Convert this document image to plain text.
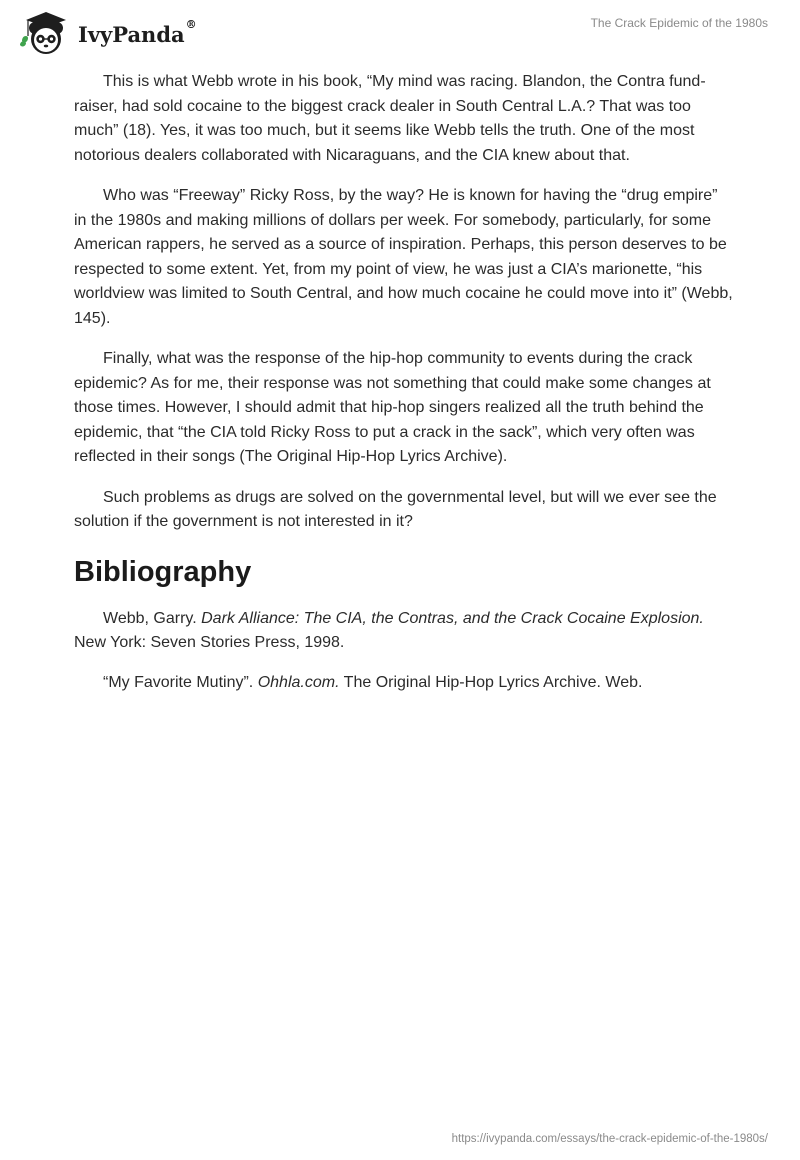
IvyPanda®	The Crack Epidemic of the 1980s

This is what Webb wrote in his book, “My mind was racing. Blandon, the Contra fund-raiser, had sold cocaine to the biggest crack dealer in South Central L.A.? That was too much” (18). Yes, it was too much, but it seems like Webb tells the truth. One of the most notorious dealers collaborated with Nicaraguans, and the CIA knew about that.

Who was “Freeway” Ricky Ross, by the way? He is known for having the “drug empire” in the 1980s and making millions of dollars per week. For somebody, particularly, for some American rappers, he served as a source of inspiration. Perhaps, this person deserves to be respected to some extent. Yet, from my point of view, he was just a CIA’s marionette, “his worldview was limited to South Central, and how much cocaine he could move into it” (Webb, 145).

Finally, what was the response of the hip-hop community to events during the crack epidemic? As for me, their response was not something that could make some changes at those times. However, I should admit that hip-hop singers realized all the truth behind the epidemic, that “the CIA told Ricky Ross to put a crack in the sack”, which very often was reflected in their songs (The Original Hip-Hop Lyrics Archive).

Such problems as drugs are solved on the governmental level, but will we ever see the solution if the government is not interested in it?

Bibliography

Webb, Garry. Dark Alliance: The CIA, the Contras, and the Crack Cocaine Explosion. New York: Seven Stories Press, 1998.

“My Favorite Mutiny”. Ohhla.com. The Original Hip-Hop Lyrics Archive. Web.

https://ivypanda.com/essays/the-crack-epidemic-of-the-1980s/
